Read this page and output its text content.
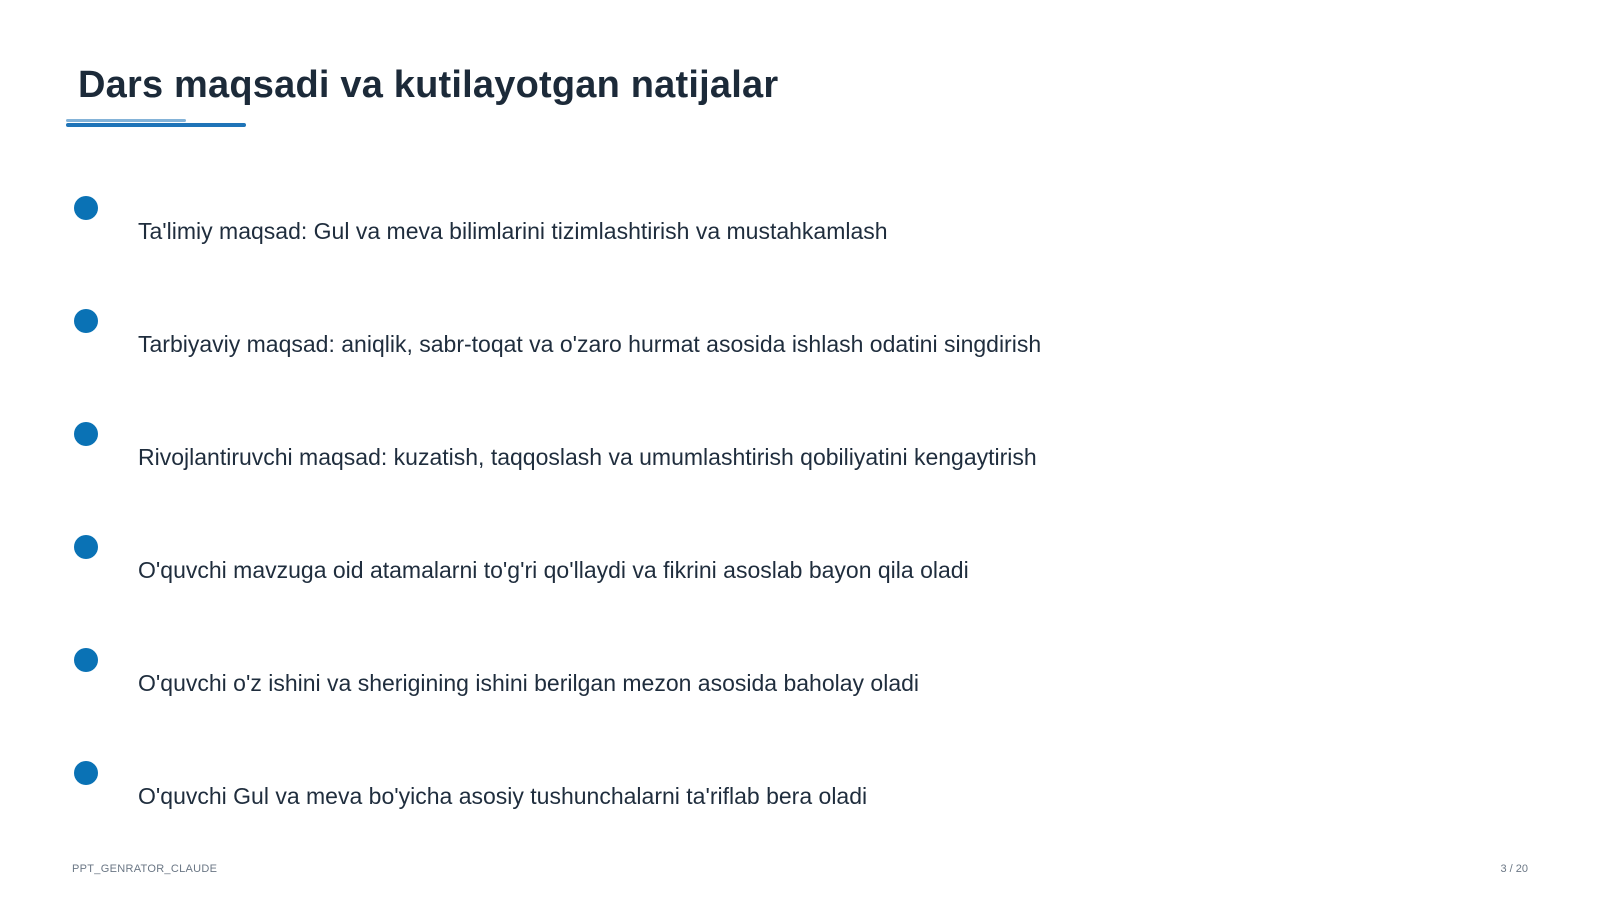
Dars maqsadi va kutilayotgan natijalar
Ta'limiy maqsad: Gul va meva bilimlarini tizimlashtirish va mustahkamlash
Tarbiyaviy maqsad: aniqlik, sabr-toqat va o'zaro hurmat asosida ishlash odatini singdirish
Rivojlantiruvchi maqsad: kuzatish, taqqoslash va umumlashtirish qobiliyatini kengaytirish
O'quvchi mavzuga oid atamalarni to'g'ri qo'llaydi va fikrini asoslab bayon qila oladi
O'quvchi o'z ishini va sherigining ishini berilgan mezon asosida baholay oladi
O'quvchi Gul va meva bo'yicha asosiy tushunchalarni ta'riflab bera oladi
PPT_GENRATOR_CLAUDE	3 / 20
